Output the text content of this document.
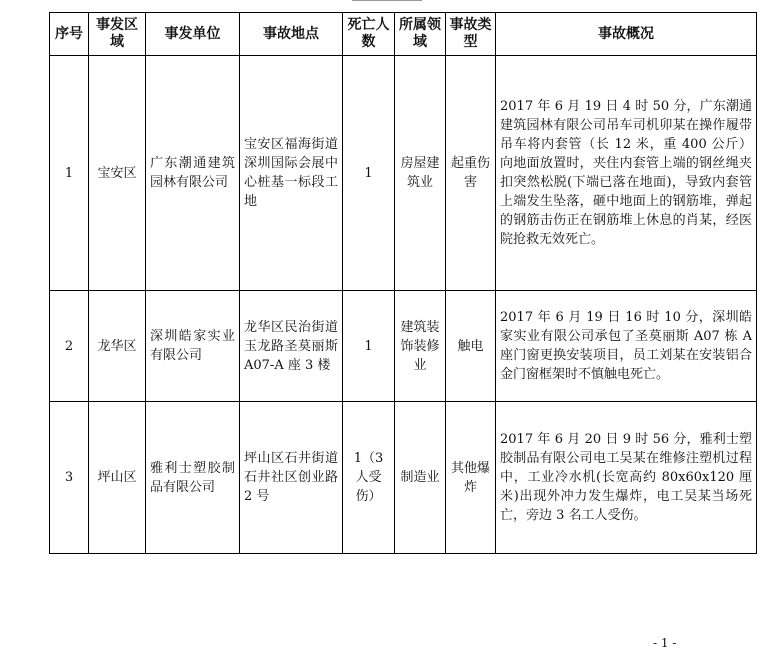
序号	事发区域	事发单位	事故地点	死亡人数	所属领域	事故类型	事故概况
1	宝安区	广东潮通建筑园林有限公司	宝安区福海街道深圳国际会展中心桩基一标段工地	1	房屋建筑业	起重伤害	2017 年 6 月 19 日 4 时 50 分，广东潮通建筑园林有限公司吊车司机卯某在操作履带吊车将内套管（长 12 米，重 400 公斤）向地面放置时，夹住内套管上端的钢丝绳夹扣突然松脱(下端已落在地面)，导致内套管上端发生坠落，砸中地面上的钢筋堆，弹起的钢筋击伤正在钢筋堆上休息的肖某，经医院抢救无效死亡。
2	龙华区	深圳皓家实业有限公司	龙华区民治街道玉龙路圣莫丽斯 A07-A 座 3 楼	1	建筑装饰装修业	触电	2017 年 6 月 19 日 16 时 10 分，深圳皓家实业有限公司承包了圣莫丽斯 A07 栋 A 座门窗更换安装项目，员工刘某在安装铝合金门窗框架时不慎触电死亡。
3	坪山区	雅利士塑胶制品有限公司	坪山区石井街道石井社区创业路 2 号	1（3 人受伤）	制造业	其他爆炸	2017 年 6 月 20 日 9 时 56 分，雅利士塑胶制品有限公司电工吴某在维修注塑机过程中，工业冷水机(长宽高约 80x60x120 厘米)出现外冲力发生爆炸，电工吴某当场死亡，旁边 3 名工人受伤。
- 1 -
